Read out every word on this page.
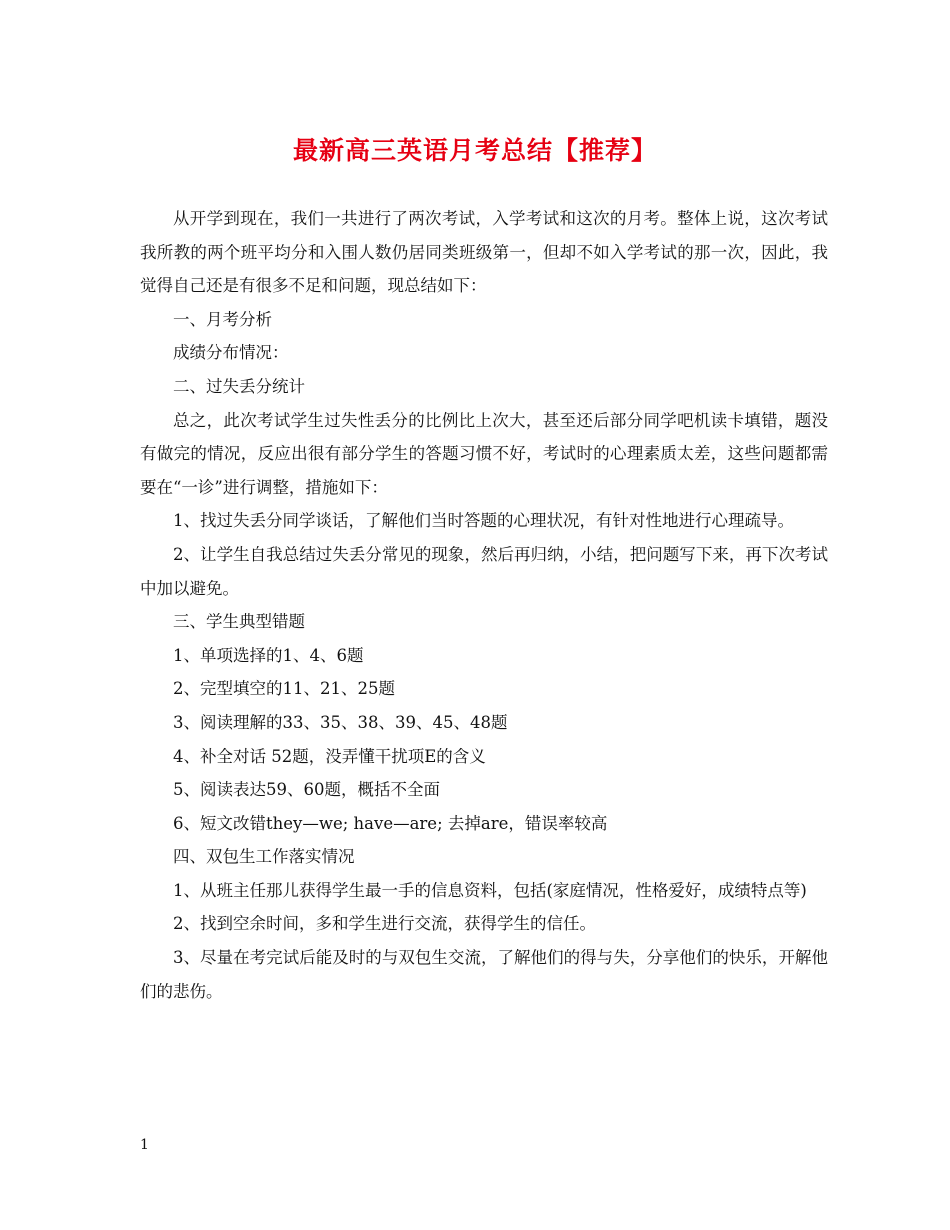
最新高三英语月考总结【推荐】

从开学到现在，我们一共进行了两次考试，入学考试和这次的月考。整体上说，这次考试我所教的两个班平均分和入围人数仍居同类班级第一，但却不如入学考试的那一次，因此，我觉得自己还是有很多不足和问题，现总结如下：

一、月考分析

成绩分布情况：

二、过失丢分统计

总之，此次考试学生过失性丢分的比例比上次大，甚至还后部分同学吧机读卡填错，题没有做完的情况，反应出很有部分学生的答题习惯不好，考试时的心理素质太差，这些问题都需要在“一诊”进行调整，措施如下：

1、找过失丢分同学谈话，了解他们当时答题的心理状况，有针对性地进行心理疏导。

2、让学生自我总结过失丢分常见的现象，然后再归纳，小结，把问题写下来，再下次考试中加以避免。

三、学生典型错题

1、单项选择的1、4、6题

2、完型填空的11、21、25题

3、阅读理解的33、35、38、39、45、48题

4、补全对话 52题，没弄懂干扰项E的含义

5、阅读表达59、60题，概括不全面

6、短文改错they—we; have—are; 去掉are，错误率较高

四、双包生工作落实情况

1、从班主任那儿获得学生最一手的信息资料，包括(家庭情况，性格爱好，成绩特点等)

2、找到空余时间，多和学生进行交流，获得学生的信任。

3、尽量在考完试后能及时的与双包生交流，了解他们的得与失，分享他们的快乐，开解他们的悲伤。

1
